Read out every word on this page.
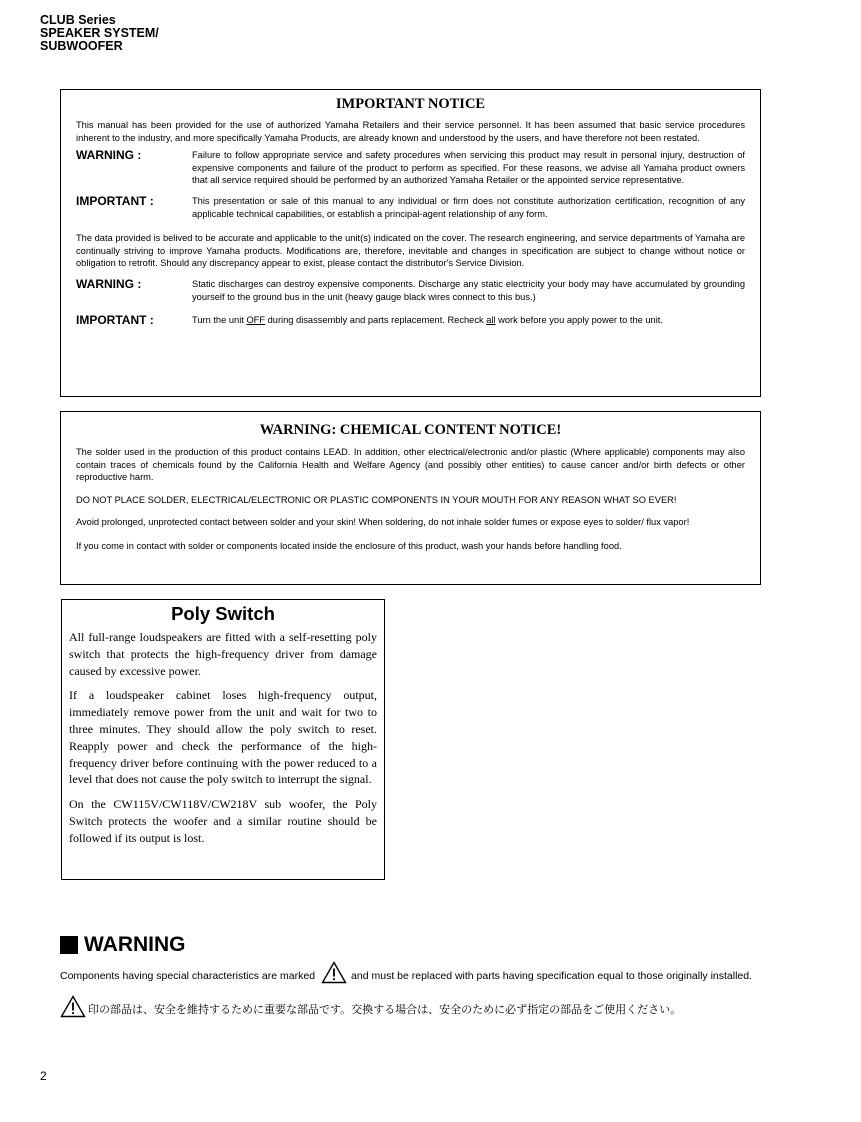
CLUB Series
SPEAKER SYSTEM/
SUBWOOFER
IMPORTANT NOTICE

This manual has been provided for the use of authorized Yamaha Retailers and their service personnel. It has been assumed that basic service procedures inherent to the industry, and more specifically Yamaha Products, are already known and understood by the users, and have therefore not been restated.

WARNING :	Failure to follow appropriate service and safety procedures when servicing this product may result in personal injury, destruction of expensive components and failure of the product to perform as specified. For these reasons, we advise all Yamaha product owners that all service required should be performed by an authorized Yamaha Retailer or the appointed service representative.
IMPORTANT :	This presentation or sale of this manual to any individual or firm does not constitute authorization certification, recognition of any applicable technical capabilities, or establish a principal-agent relationship of any form.

The data provided is belived to be accurate and applicable to the unit(s) indicated on the cover. The research engineering, and service departments of Yamaha are continually striving to improve Yamaha products. Modifications are, therefore, inevitable and changes in specification are subject to change without notice or obligation to retrofit. Should any discrepancy appear to exist, please contact the distributor's Service Division.

WARNING :	Static discharges can destroy expensive components. Discharge any static electricity your body may have accumulated by grounding yourself to the ground bus in the unit (heavy gauge black wires connect to this bus.)
IMPORTANT :	Turn the unit OFF during disassembly and parts replacement. Recheck all work before you apply power to the unit.
WARNING: CHEMICAL CONTENT NOTICE!

The solder used in the production of this product contains LEAD. In addition, other electrical/electronic and/or plastic (Where applicable) components may also contain traces of chemicals found by the California Health and Welfare Agency (and possibly other entities) to cause cancer and/or birth defects or other reproductive harm.

DO NOT PLACE SOLDER, ELECTRICAL/ELECTRONIC OR PLASTIC COMPONENTS IN YOUR MOUTH FOR ANY REASON WHAT SO EVER!

Avoid prolonged, unprotected contact between solder and your skin! When soldering, do not inhale solder fumes or expose eyes to solder/ flux vapor!

If you come in contact with solder or components located inside the enclosure of this product, wash your hands before handling food.

Poly Switch

All full-range loudspeakers are fitted with a self-resetting poly switch that protects the high-frequency driver from damage caused by excessive power.

If a loudspeaker cabinet loses high-frequency output, immediately remove power from the unit and wait for two to three minutes. They should allow the poly switch to reset. Reapply power and check the performance of the high-frequency driver before continuing with the power reduced to a level that does not cause the poly switch to interrupt the signal.

On the CW115V/CW118V/CW218V sub woofer, the Poly Switch protects the woofer and a similar routine should be followed if its output is lost.

WARNING
Components having special characteristics are marked	and must be replaced with parts having specification equal to those originally installed.
印の部品は、安全を維持するために重要な部品です。交換する場合は、安全のために必ず指定の部品をご使用ください。
2
